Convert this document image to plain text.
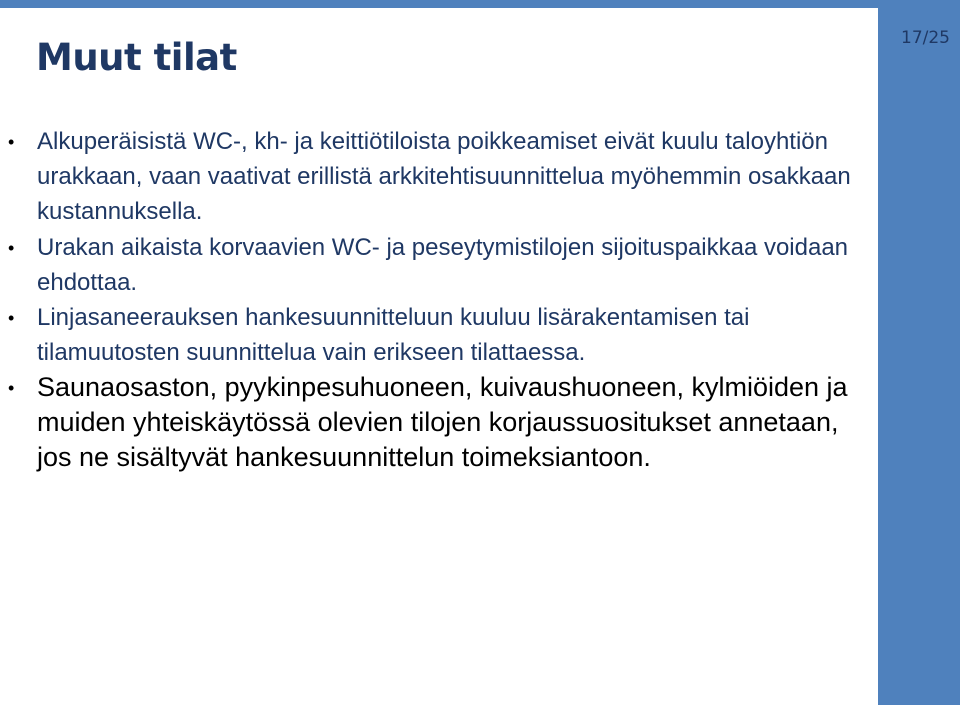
17/25
Muut tilat
• Alkuperäisistä WC-, kh- ja keittiötiloista poikkeamiset eivät kuulu taloyhtiön urakkaan, vaan vaativat erillistä arkkitehtisuunnittelua myöhemmin osakkaan kustannuksella.
• Urakan aikaista korvaavien WC- ja peseytymistilojen sijoituspaikkaa voidaan ehdottaa.
• Linjasaneerauksen hankesuunnitteluun kuuluu lisärakentamisen tai tilamuutosten suunnittelua vain erikseen tilattaessa.
• Saunaosaston, pyykinpesuhuoneen, kuivaushuoneen, kylmiöiden ja muiden yhteiskäytössä olevien tilojen korjaussuositukset annetaan, jos ne sisältyvät hankesuunnittelun toimeksiantoon.
